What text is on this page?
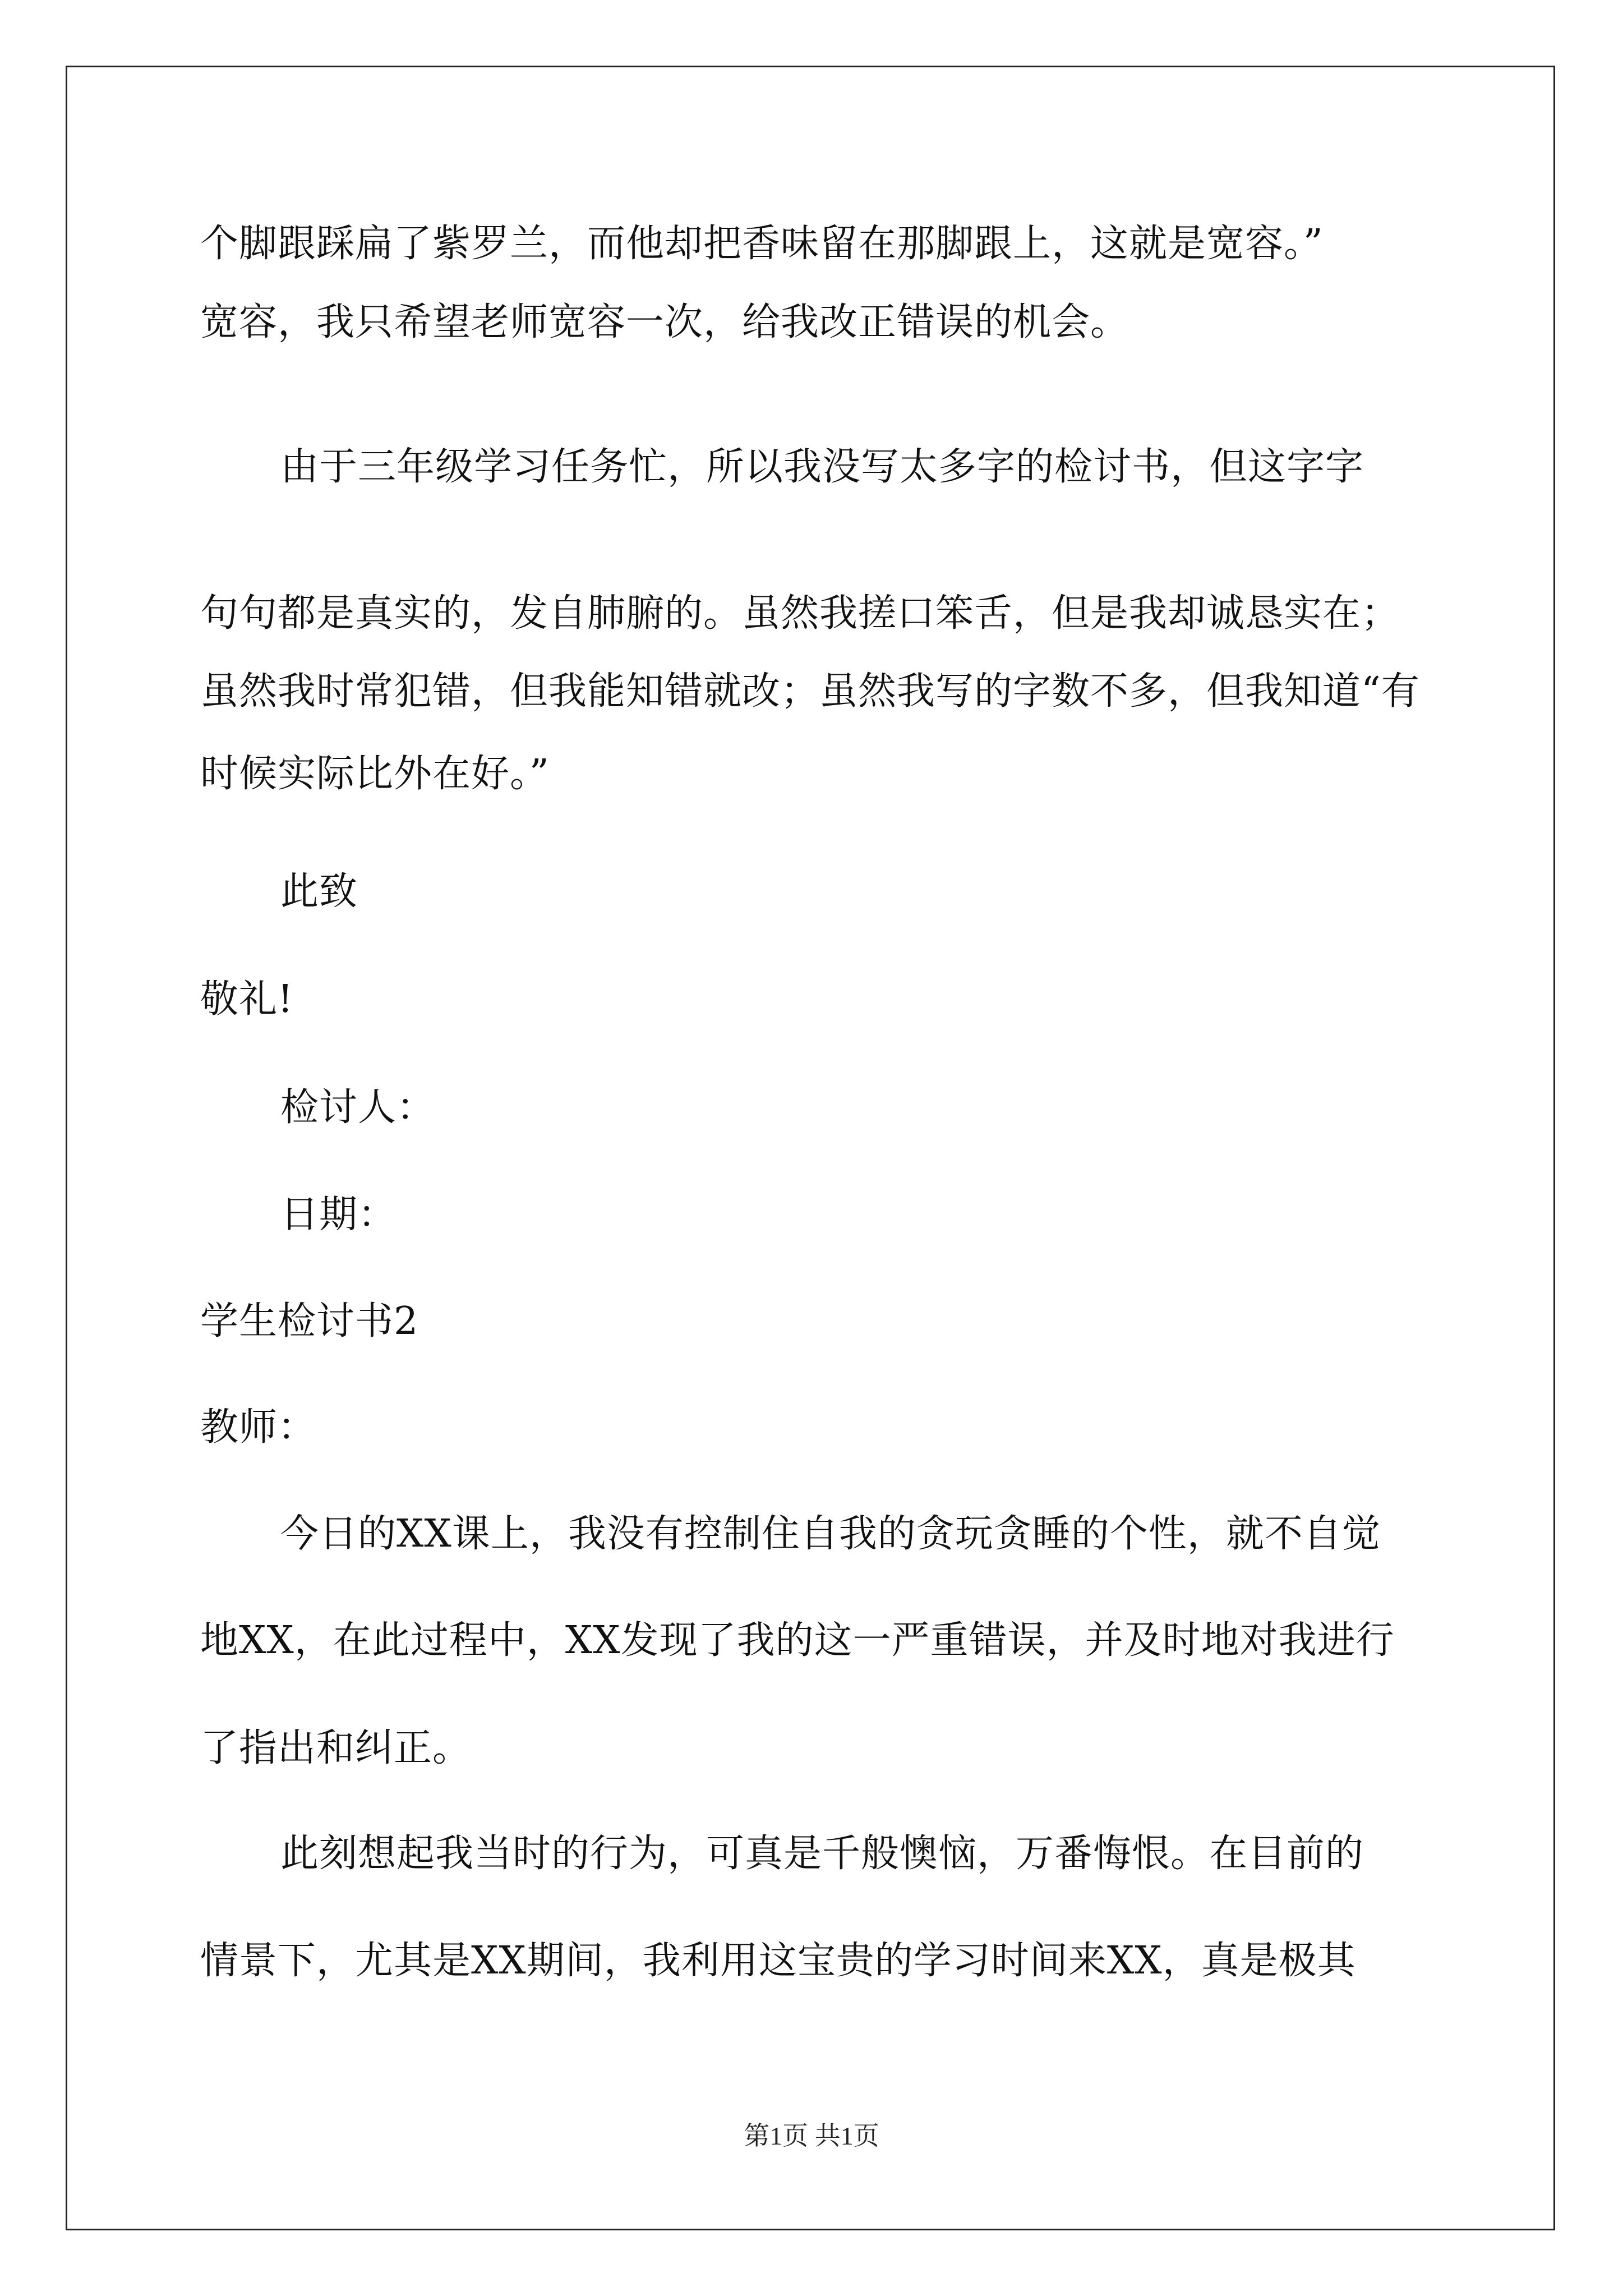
个脚跟踩扁了紫罗兰，而他却把香味留在那脚跟上，这就是宽容。”
宽容，我只希望老师宽容一次，给我改正错误的机会。
由于三年级学习任务忙，所以我没写太多字的检讨书，但这字字
句句都是真实的，发自肺腑的。虽然我搓口笨舌，但是我却诚恳实在；
虽然我时常犯错，但我能知错就改；虽然我写的字数不多，但我知道“有
时候实际比外在好。”
此致
敬礼!
检讨人：
日期：
学生检讨书2
教师：
今日的XX课上，我没有控制住自我的贪玩贪睡的个性，就不自觉
地XX，在此过程中，XX发现了我的这一严重错误，并及时地对我进行
了指出和纠正。
此刻想起我当时的行为，可真是千般懊恼，万番悔恨。在目前的
情景下，尤其是XX期间，我利用这宝贵的学习时间来XX，真是极其
第1页 共1页
